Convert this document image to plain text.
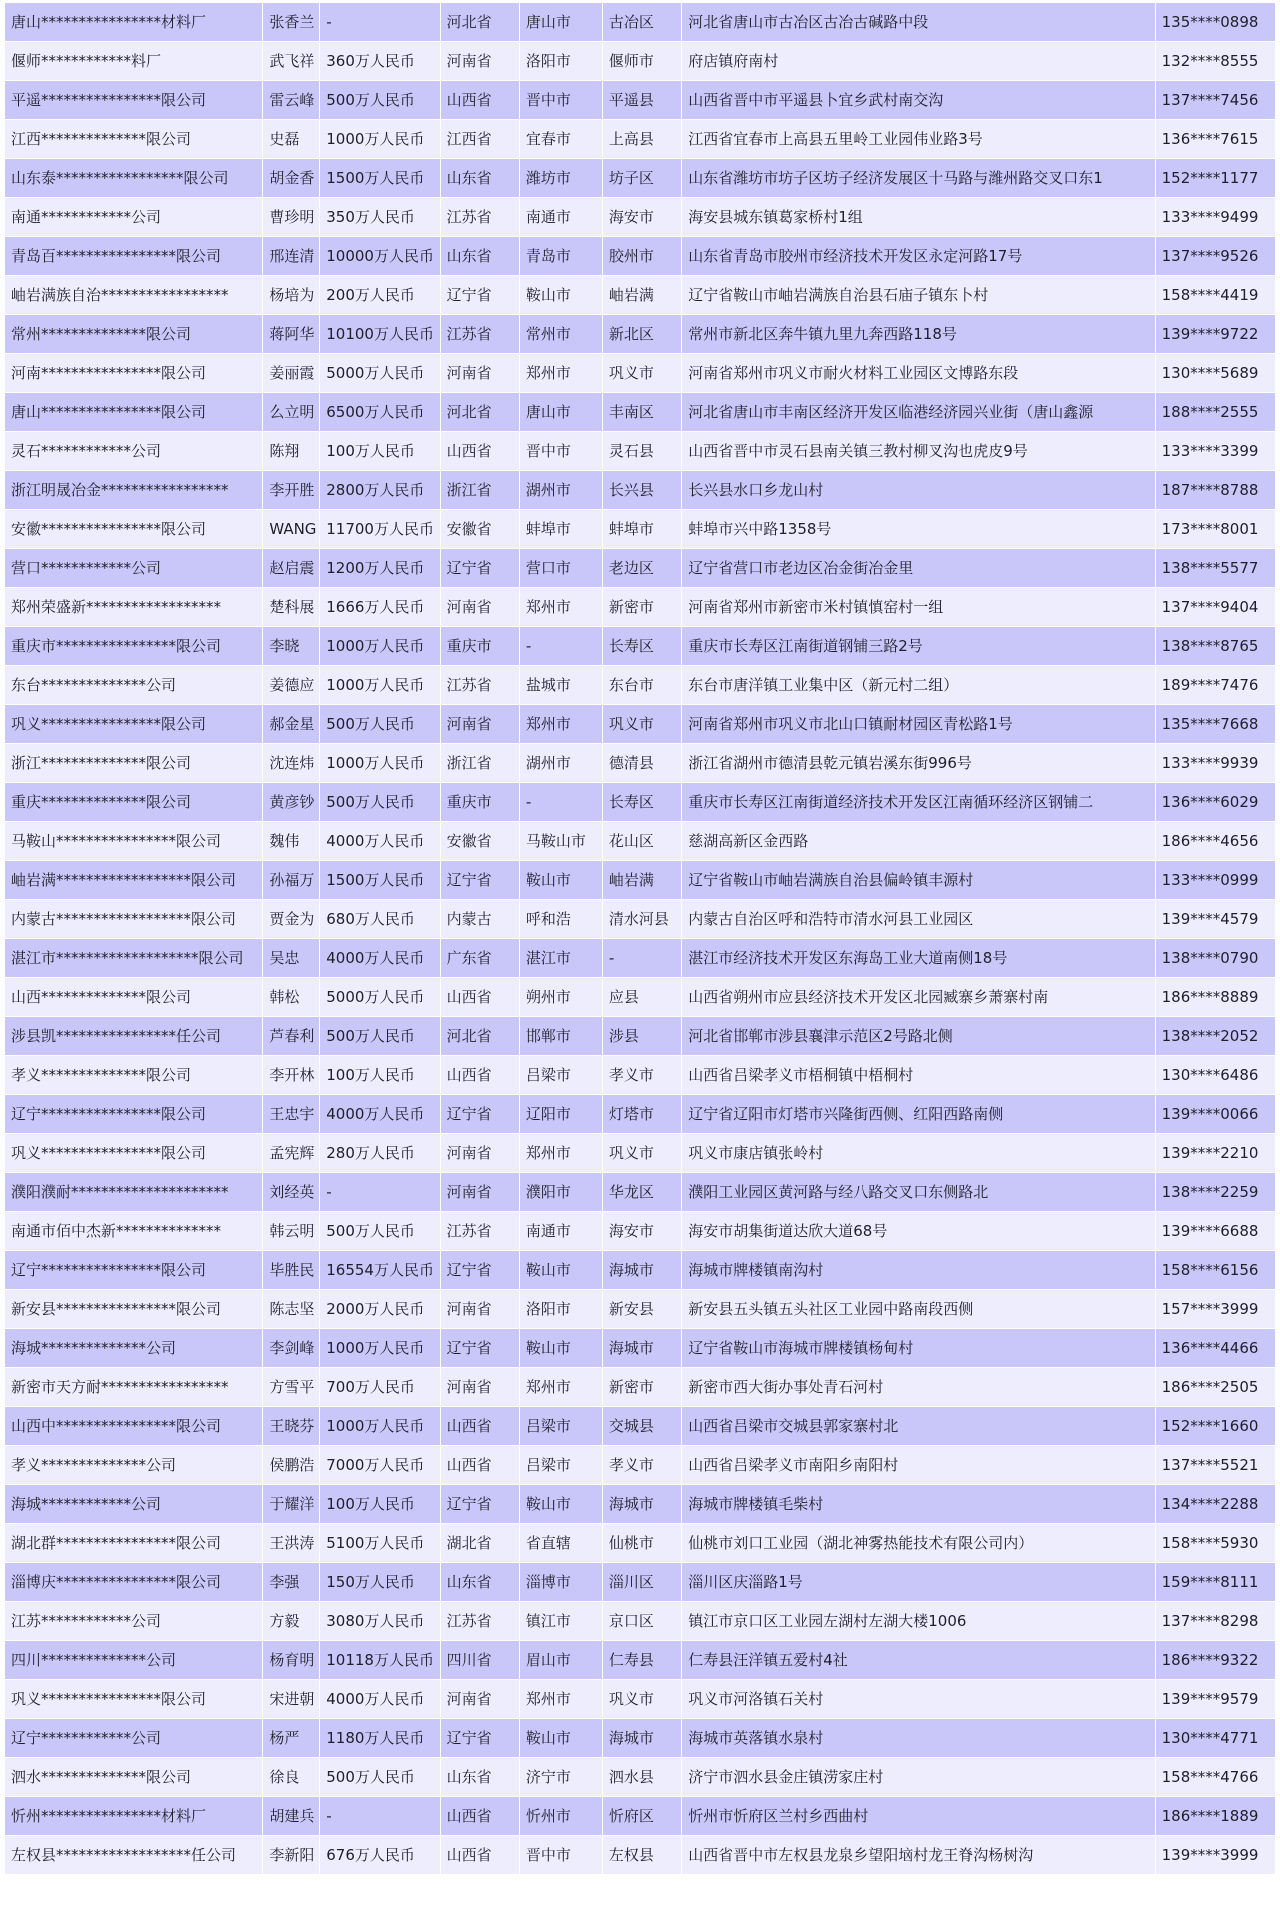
唐山****************材料厂	张香兰	-	河北省	唐山市	古冶区	河北省唐山市古冶区古冶古碱路中段	135****0898
偃师************料厂	武飞祥	360万人民币	河南省	洛阳市	偃师市	府店镇府南村	132****8555
平遥****************限公司	雷云峰	500万人民币	山西省	晋中市	平遥县	山西省晋中市平遥县卜宜乡武村南交沟	137****7456
江西**************限公司	史磊	1000万人民币	江西省	宜春市	上高县	江西省宜春市上高县五里岭工业园伟业路3号	136****7615
山东泰*****************限公司	胡金香	1500万人民币	山东省	潍坊市	坊子区	山东省潍坊市坊子区坊子经济发展区十马路与潍州路交叉口东1	152****1177
南通************公司	曹珍明	350万人民币	江苏省	南通市	海安市	海安县城东镇葛家桥村1组	133****9499
青岛百****************限公司	邢连清	10000万人民币	山东省	青岛市	胶州市	山东省青岛市胶州市经济技术开发区永定河路17号	137****9526
岫岩满族自治*****************	杨培为	200万人民币	辽宁省	鞍山市	岫岩满	辽宁省鞍山市岫岩满族自治县石庙子镇东卜村	158****4419
常州**************限公司	蒋阿华	10100万人民币	江苏省	常州市	新北区	常州市新北区奔牛镇九里九奔西路118号	139****9722
河南****************限公司	姜丽霞	5000万人民币	河南省	郑州市	巩义市	河南省郑州市巩义市耐火材料工业园区文博路东段	130****5689
唐山****************限公司	么立明	6500万人民币	河北省	唐山市	丰南区	河北省唐山市丰南区经济开发区临港经济园兴业街（唐山鑫源	188****2555
灵石************公司	陈翔	100万人民币	山西省	晋中市	灵石县	山西省晋中市灵石县南关镇三教村柳叉沟也虎皮9号	133****3399
浙江明晟冶金*****************	李开胜	2800万人民币	浙江省	湖州市	长兴县	长兴县水口乡龙山村	187****8788
安徽****************限公司	WANG	11700万人民币	安徽省	蚌埠市	蚌埠市	蚌埠市兴中路1358号	173****8001
营口************公司	赵启震	1200万人民币	辽宁省	营口市	老边区	辽宁省营口市老边区冶金街冶金里	138****5577
郑州荣盛新******************	楚科展	1666万人民币	河南省	郑州市	新密市	河南省郑州市新密市米村镇慎窑村一组	137****9404
重庆市****************限公司	李晓	1000万人民币	重庆市	-	长寿区	重庆市长寿区江南街道钢铺三路2号	138****8765
东台**************公司	姜德应	1000万人民币	江苏省	盐城市	东台市	东台市唐洋镇工业集中区（新元村二组）	189****7476
巩义****************限公司	郝金星	500万人民币	河南省	郑州市	巩义市	河南省郑州市巩义市北山口镇耐材园区青松路1号	135****7668
浙江**************限公司	沈连炜	1000万人民币	浙江省	湖州市	德清县	浙江省湖州市德清县乾元镇岩溪东街996号	133****9939
重庆**************限公司	黄彦钞	500万人民币	重庆市	-	长寿区	重庆市长寿区江南街道经济技术开发区江南循环经济区钢铺二	136****6029
马鞍山****************限公司	魏伟	4000万人民币	安徽省	马鞍山市	花山区	慈湖高新区金西路	186****4656
岫岩满******************限公司	孙福万	1500万人民币	辽宁省	鞍山市	岫岩满	辽宁省鞍山市岫岩满族自治县偏岭镇丰源村	133****0999
内蒙古******************限公司	贾金为	680万人民币	内蒙古	呼和浩	清水河县	内蒙古自治区呼和浩特市清水河县工业园区	139****4579
湛江市*******************限公司	吴忠	4000万人民币	广东省	湛江市	-	湛江市经济技术开发区东海岛工业大道南侧18号	138****0790
山西**************限公司	韩松	5000万人民币	山西省	朔州市	应县	山西省朔州市应县经济技术开发区北园臧寨乡萧寨村南	186****8889
涉县凯****************任公司	芦春利	500万人民币	河北省	邯郸市	涉县	河北省邯郸市涉县襄津示范区2号路北侧	138****2052
孝义**************限公司	李开林	100万人民币	山西省	吕梁市	孝义市	山西省吕梁孝义市梧桐镇中梧桐村	130****6486
辽宁****************限公司	王忠宇	4000万人民币	辽宁省	辽阳市	灯塔市	辽宁省辽阳市灯塔市兴隆街西侧、红阳西路南侧	139****0066
巩义****************限公司	孟宪辉	280万人民币	河南省	郑州市	巩义市	巩义市康店镇张岭村	139****2210
濮阳濮耐*********************	刘经英	-	河南省	濮阳市	华龙区	濮阳工业园区黄河路与经八路交叉口东侧路北	138****2259
南通市佰中杰新**************	韩云明	500万人民币	江苏省	南通市	海安市	海安市胡集街道达欣大道68号	139****6688
辽宁****************限公司	毕胜民	16554万人民币	辽宁省	鞍山市	海城市	海城市牌楼镇南沟村	158****6156
新安县****************限公司	陈志坚	2000万人民币	河南省	洛阳市	新安县	新安县五头镇五头社区工业园中路南段西侧	157****3999
海城**************公司	李剑峰	1000万人民币	辽宁省	鞍山市	海城市	辽宁省鞍山市海城市牌楼镇杨甸村	136****4466
新密市天方耐*****************	方雪平	700万人民币	河南省	郑州市	新密市	新密市西大街办事处青石河村	186****2505
山西中****************限公司	王晓芬	1000万人民币	山西省	吕梁市	交城县	山西省吕梁市交城县郭家寨村北	152****1660
孝义**************公司	侯鹏浩	7000万人民币	山西省	吕梁市	孝义市	山西省吕梁孝义市南阳乡南阳村	137****5521
海城************公司	于耀洋	100万人民币	辽宁省	鞍山市	海城市	海城市牌楼镇毛柴村	134****2288
湖北群****************限公司	王洪涛	5100万人民币	湖北省	省直辖	仙桃市	仙桃市刘口工业园（湖北神雾热能技术有限公司内）	158****5930
淄博庆****************限公司	李强	150万人民币	山东省	淄博市	淄川区	淄川区庆淄路1号	159****8111
江苏************公司	方毅	3080万人民币	江苏省	镇江市	京口区	镇江市京口区工业园左湖村左湖大楼1006	137****8298
四川**************公司	杨育明	10118万人民币	四川省	眉山市	仁寿县	仁寿县汪洋镇五爱村4社	186****9322
巩义****************限公司	宋进朝	4000万人民币	河南省	郑州市	巩义市	巩义市河洛镇石关村	139****9579
辽宁************公司	杨严	1180万人民币	辽宁省	鞍山市	海城市	海城市英落镇水泉村	130****4771
泗水**************限公司	徐良	500万人民币	山东省	济宁市	泗水县	济宁市泗水县金庄镇涝家庄村	158****4766
忻州****************材料厂	胡建兵	-	山西省	忻州市	忻府区	忻州市忻府区兰村乡西曲村	186****1889
左权县******************任公司	李新阳	676万人民币	山西省	晋中市	左权县	山西省晋中市左权县龙泉乡望阳垴村龙王脊沟杨树沟	139****3999
